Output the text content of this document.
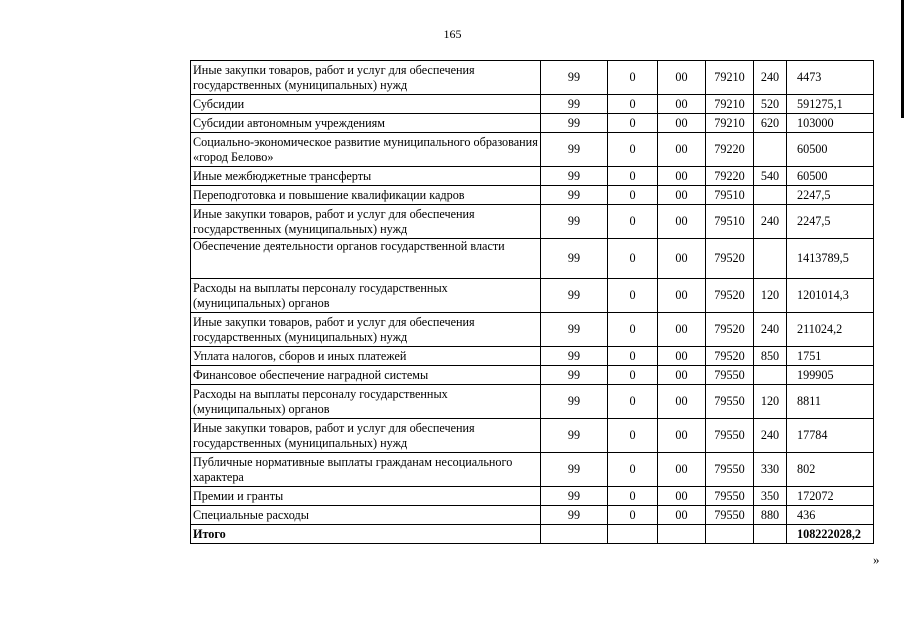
165
Иные закупки товаров, работ и услуг для обеспечения государственных (муниципальных) нужд	99	0	00	79210	240	4473
Субсидии	99	0	00	79210	520	591275,1
Субсидии автономным учреждениям	99	0	00	79210	620	103000
Социально-экономическое развитие муниципального образования «город Белово»	99	0	00	79220		60500
Иные межбюджетные трансферты	99	0	00	79220	540	60500
Переподготовка и повышение квалификации кадров	99	0	00	79510		2247,5
Иные закупки товаров, работ и услуг для обеспечения государственных (муниципальных) нужд	99	0	00	79510	240	2247,5
Обеспечение деятельности органов государственной власти	99	0	00	79520		1413789,5
Расходы на выплаты персоналу государственных (муниципальных) органов	99	0	00	79520	120	1201014,3
Иные закупки товаров, работ и услуг для обеспечения государственных (муниципальных) нужд	99	0	00	79520	240	211024,2
Уплата налогов, сборов и иных платежей	99	0	00	79520	850	1751
Финансовое обеспечение наградной системы	99	0	00	79550		199905
Расходы на выплаты персоналу государственных (муниципальных) органов	99	0	00	79550	120	8811
Иные закупки товаров, работ и услуг для обеспечения государственных (муниципальных) нужд	99	0	00	79550	240	17784
Публичные нормативные выплаты гражданам несоциального характера	99	0	00	79550	330	802
Премии и гранты	99	0	00	79550	350	172072
Специальные расходы	99	0	00	79550	880	436
Итого						108222028,2
»
